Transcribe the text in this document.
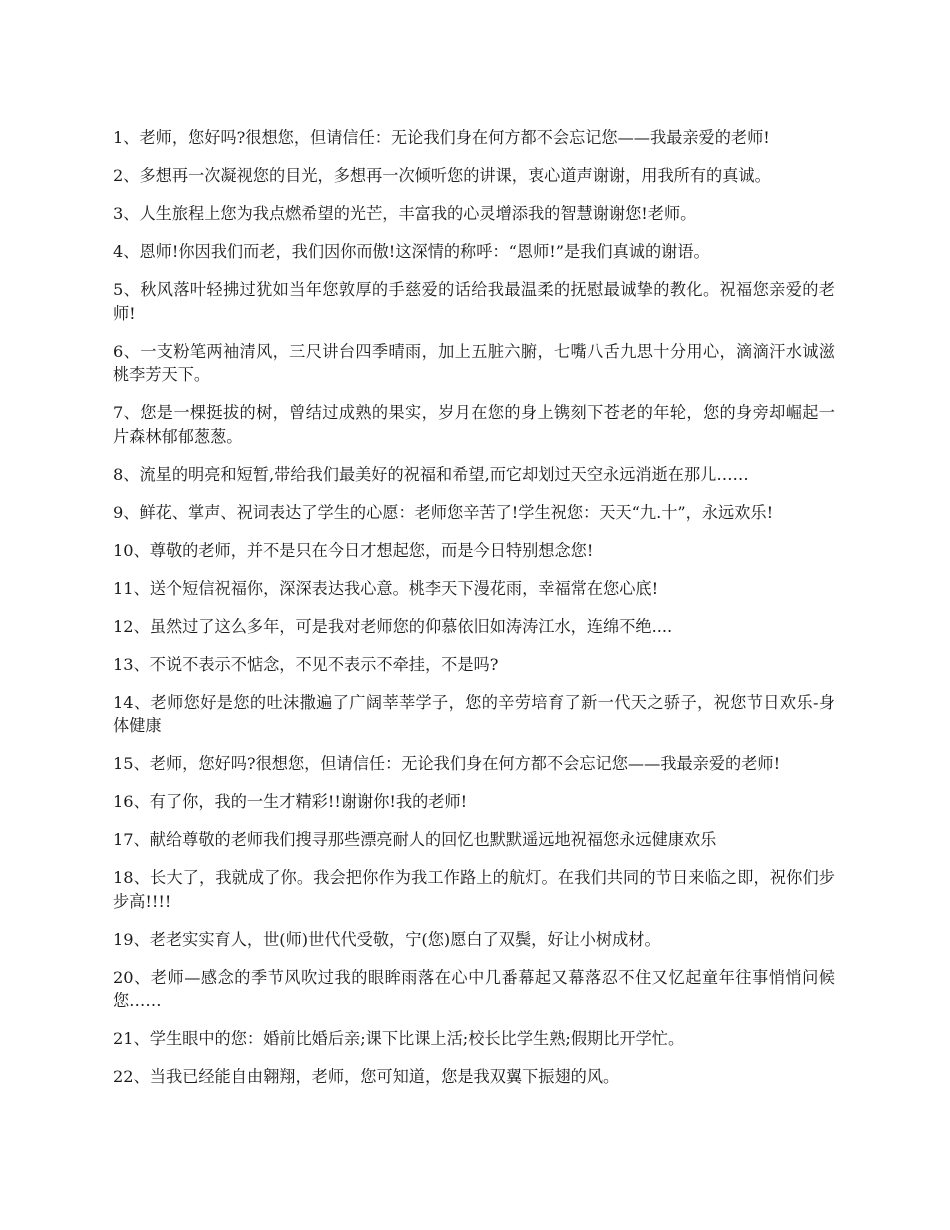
1、老师，您好吗?很想您，但请信任：无论我们身在何方都不会忘记您——我最亲爱的老师!

2、多想再一次凝视您的目光，多想再一次倾听您的讲课，衷心道声谢谢，用我所有的真诚。

3、人生旅程上您为我点燃希望的光芒，丰富我的心灵增添我的智慧谢谢您!老师。

4、恩师!你因我们而老，我们因你而傲!这深情的称呼：“恩师!”是我们真诚的谢语。

5、秋风落叶轻拂过犹如当年您敦厚的手慈爱的话给我最温柔的抚慰最诚挚的教化。祝福您亲爱的老师!

6、一支粉笔两袖清风，三尺讲台四季晴雨，加上五脏六腑，七嘴八舌九思十分用心，滴滴汗水诚滋桃李芳天下。

7、您是一棵挺拔的树，曾结过成熟的果实，岁月在您的身上镌刻下苍老的年轮，您的身旁却崛起一片森林郁郁葱葱。

8、流星的明亮和短暂,带给我们最美好的祝福和希望,而它却划过天空永远消逝在那儿……

9、鲜花、掌声、祝词表达了学生的心愿：老师您辛苦了!学生祝您：天天“九.十”，永远欢乐!

10、尊敬的老师，并不是只在今日才想起您，而是今日特别想念您!

11、送个短信祝福你，深深表达我心意。桃李天下漫花雨，幸福常在您心底!

12、虽然过了这么多年，可是我对老师您的仰慕依旧如涛涛江水，连绵不绝....

13、不说不表示不惦念，不见不表示不牵挂，不是吗?

14、老师您好是您的吐沫撒遍了广阔莘莘学子，您的辛劳培育了新一代天之骄子，祝您节日欢乐-身体健康

15、老师，您好吗?很想您，但请信任：无论我们身在何方都不会忘记您——我最亲爱的老师!

16、有了你，我的一生才精彩!!谢谢你!我的老师!

17、献给尊敬的老师我们搜寻那些漂亮耐人的回忆也默默遥远地祝福您永远健康欢乐

18、长大了，我就成了你。我会把你作为我工作路上的航灯。在我们共同的节日来临之即，祝你们步步高!!!!

19、老老实实育人，世(师)世代代受敬，宁(您)愿白了双鬓，好让小树成材。

20、老师—感念的季节风吹过我的眼眸雨落在心中几番幕起又幕落忍不住又忆起童年往事悄悄问候您……

21、学生眼中的您：婚前比婚后亲;课下比课上活;校长比学生熟;假期比开学忙。

22、当我已经能自由翱翔，老师，您可知道，您是我双翼下振翅的风。
